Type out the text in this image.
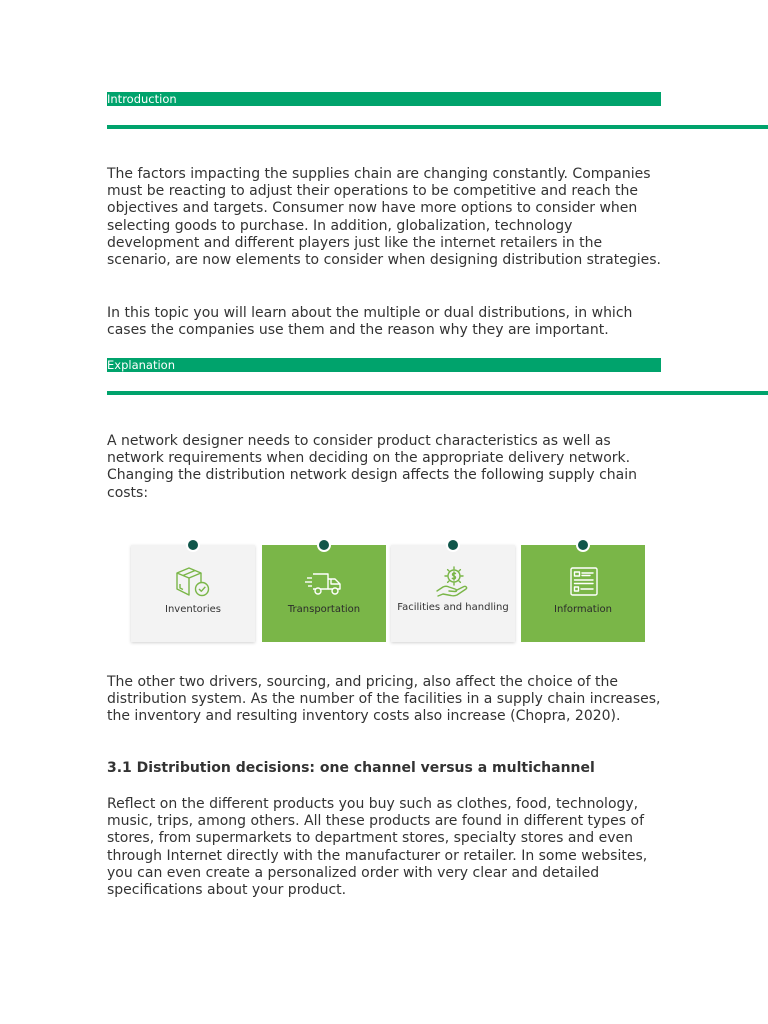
Introduction

The factors impacting the supplies chain are changing constantly. Companies must be reacting to adjust their operations to be competitive and reach the objectives and targets. Consumer now have more options to consider when selecting goods to purchase. In addition, globalization, technology development and different players just like the internet retailers in the scenario, are now elements to consider when designing distribution strategies.

In this topic you will learn about the multiple or dual distributions, in which cases the companies use them and the reason why they are important.

Explanation

A network designer needs to consider product characteristics as well as network requirements when deciding on the appropriate delivery network. Changing the distribution network design affects the following supply chain costs:

Inventories	Transportation	Facilities and handling	Information

The other two drivers, sourcing, and pricing, also affect the choice of the distribution system. As the number of the facilities in a supply chain increases, the inventory and resulting inventory costs also increase (Chopra, 2020).

3.1 Distribution decisions: one channel versus a multichannel

Reflect on the different products you buy such as clothes, food, technology, music, trips, among others. All these products are found in different types of stores, from supermarkets to department stores, specialty stores and even through Internet directly with the manufacturer or retailer. In some websites, you can even create a personalized order with very clear and detailed specifications about your product.
